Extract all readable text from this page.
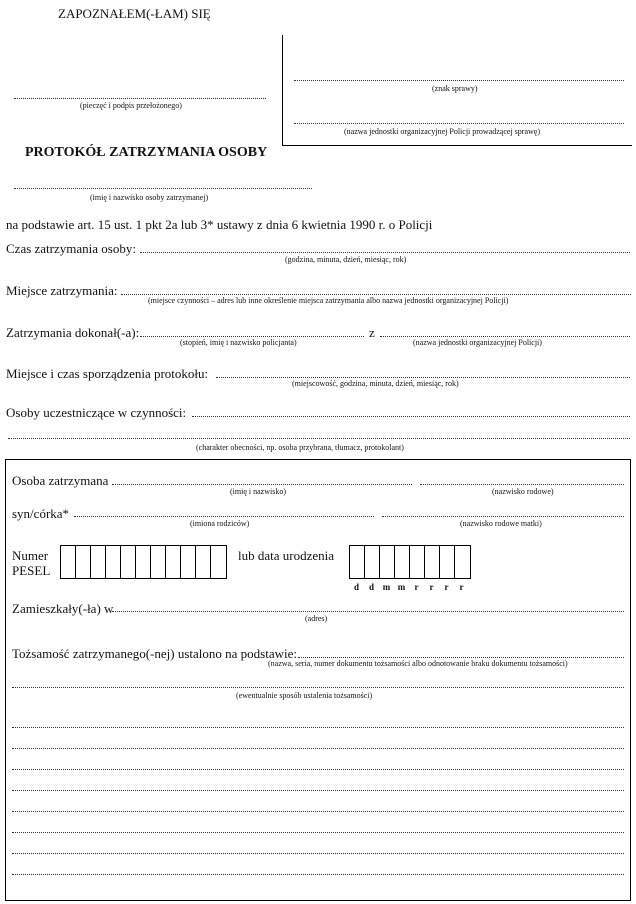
ZAPOZNAŁEM(-ŁAM) SIĘ
(pieczęć i podpis przełożonego)
(znak sprawy)
(nazwa jednostki organizacyjnej Policji prowadzącej sprawę)
PROTOKÓŁ ZATRZYMANIA OSOBY
(imię i nazwisko osoby zatrzymanej)
na podstawie art. 15 ust. 1 pkt 2a lub 3* ustawy z dnia 6 kwietnia 1990 r. o Policji
Czas zatrzymania osoby:
(godzina, minuta, dzień, miesiąc, rok)
Miejsce zatrzymania:
(miejsce czynności – adres lub inne określenie miejsca zatrzymania albo nazwa jednostki organizacyjnej Policji)
Zatrzymania dokonał(-a):	z
(stopień, imię i nazwisko policjanta)	(nazwa jednostki organizacyjnej Policji)
Miejsce i czas sporządzenia protokołu:
(miejscowość, godzina, minuta, dzień, miesiąc, rok)
Osoby uczestniczące w czynności:
(charakter obecności, np. osoba przybrana, tłumacz, protokolant)
Osoba zatrzymana
(imię i nazwisko)	(nazwisko rodowe)
syn/córka*
(imiona rodziców)	(nazwisko rodowe matki)
Numer
PESEL
lub data urodzenia
d	d m m	r	r	r	r
Zamieszkały(-ła) w
(adres)
Tożsamość zatrzymanego(-nej) ustalono na podstawie:
(nazwa, seria, numer dokumentu tożsamości albo odnotowanie braku dokumentu tożsamości)
(ewentualnie sposób ustalenia tożsamości)
